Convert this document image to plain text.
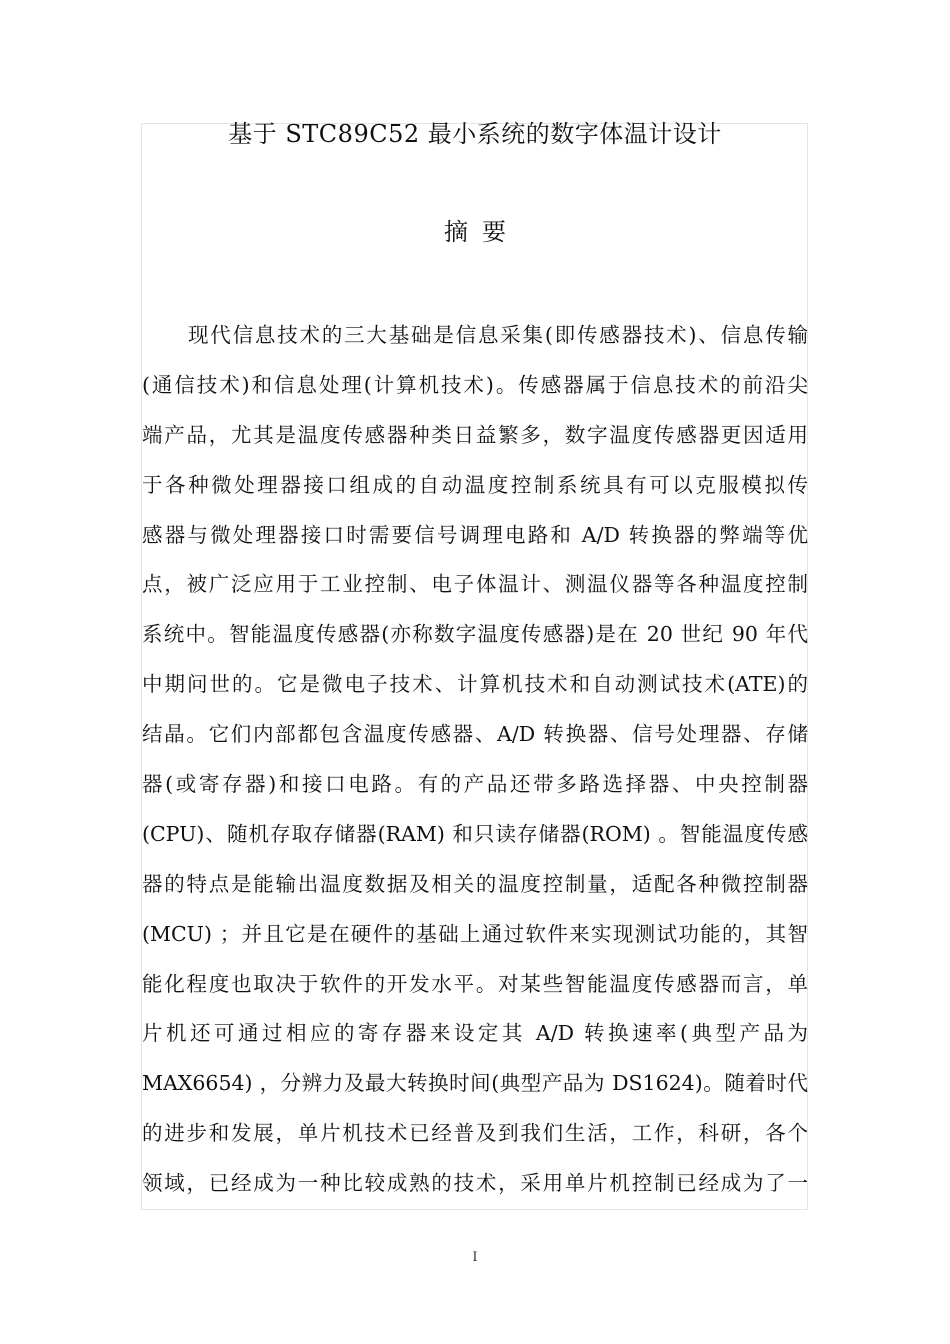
基于 STC89C52 最小系统的数字体温计设计
摘要
现代信息技术的三大基础是信息采集(即传感器技术)、信息传输
(通信技术)和信息处理(计算机技术)。传感器属于信息技术的前沿尖
端产品，尤其是温度传感器种类日益繁多，数字温度传感器更因适用
于各种微处理器接口组成的自动温度控制系统具有可以克服模拟传
感器与微处理器接口时需要信号调理电路和 A/D 转换器的弊端等优
点，被广泛应用于工业控制、电子体温计、测温仪器等各种温度控制
系统中。智能温度传感器(亦称数字温度传感器)是在 20 世纪 90 年代
中期问世的。它是微电子技术、计算机技术和自动测试技术(ATE)的
结晶。它们内部都包含温度传感器、A/D 转换器、信号处理器、存储
器(或寄存器)和接口电路。有的产品还带多路选择器、中央控制器
(CPU)、随机存取存储器(RAM) 和只读存储器(ROM) 。智能温度传感
器的特点是能输出温度数据及相关的温度控制量，适配各种微控制器
(MCU) ；并且它是在硬件的基础上通过软件来实现测试功能的，其智
能化程度也取决于软件的开发水平。对某些智能温度传感器而言，单
片机还可通过相应的寄存器来设定其 A/D 转换速率(典型产品为
MAX6654) ，分辨力及最大转换时间(典型产品为 DS1624)。随着时代
的进步和发展，单片机技术已经普及到我们生活，工作，科研，各个
领域，已经成为一种比较成熟的技术，采用单片机控制已经成为了一
I
